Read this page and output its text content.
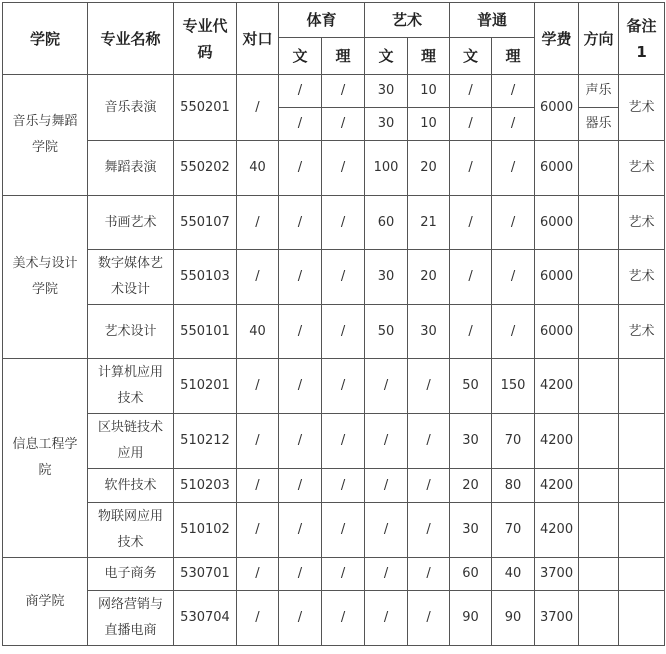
学院	专业名称	专业代码	对口	体育		艺术		普通		学费	方向	备注1
				文	理	文	理	文	理			
音乐与舞蹈学院	音乐表演	550201	/	/	/	30	10	/	/	6000	声乐	艺术
				/	/	30	10	/	/		器乐	
	舞蹈表演	550202	40	/	/	100	20	/	/	6000		艺术
美术与设计学院	书画艺术	550107	/	/	/	60	21	/	/	6000		艺术
	数字媒体艺术设计	550103	/	/	/	30	20	/	/	6000		艺术
	艺术设计	550101	40	/	/	50	30	/	/	6000		艺术
信息工程学院	计算机应用技术	510201	/	/	/	/	/	50	150	4200		
	区块链技术应用	510212	/	/	/	/	/	30	70	4200		
	软件技术	510203	/	/	/	/	/	20	80	4200		
	物联网应用技术	510102	/	/	/	/	/	30	70	4200		
商学院	电子商务	530701	/	/	/	/	/	60	40	3700		
	网络营销与直播电商	530704	/	/	/	/	/	90	90	3700		
